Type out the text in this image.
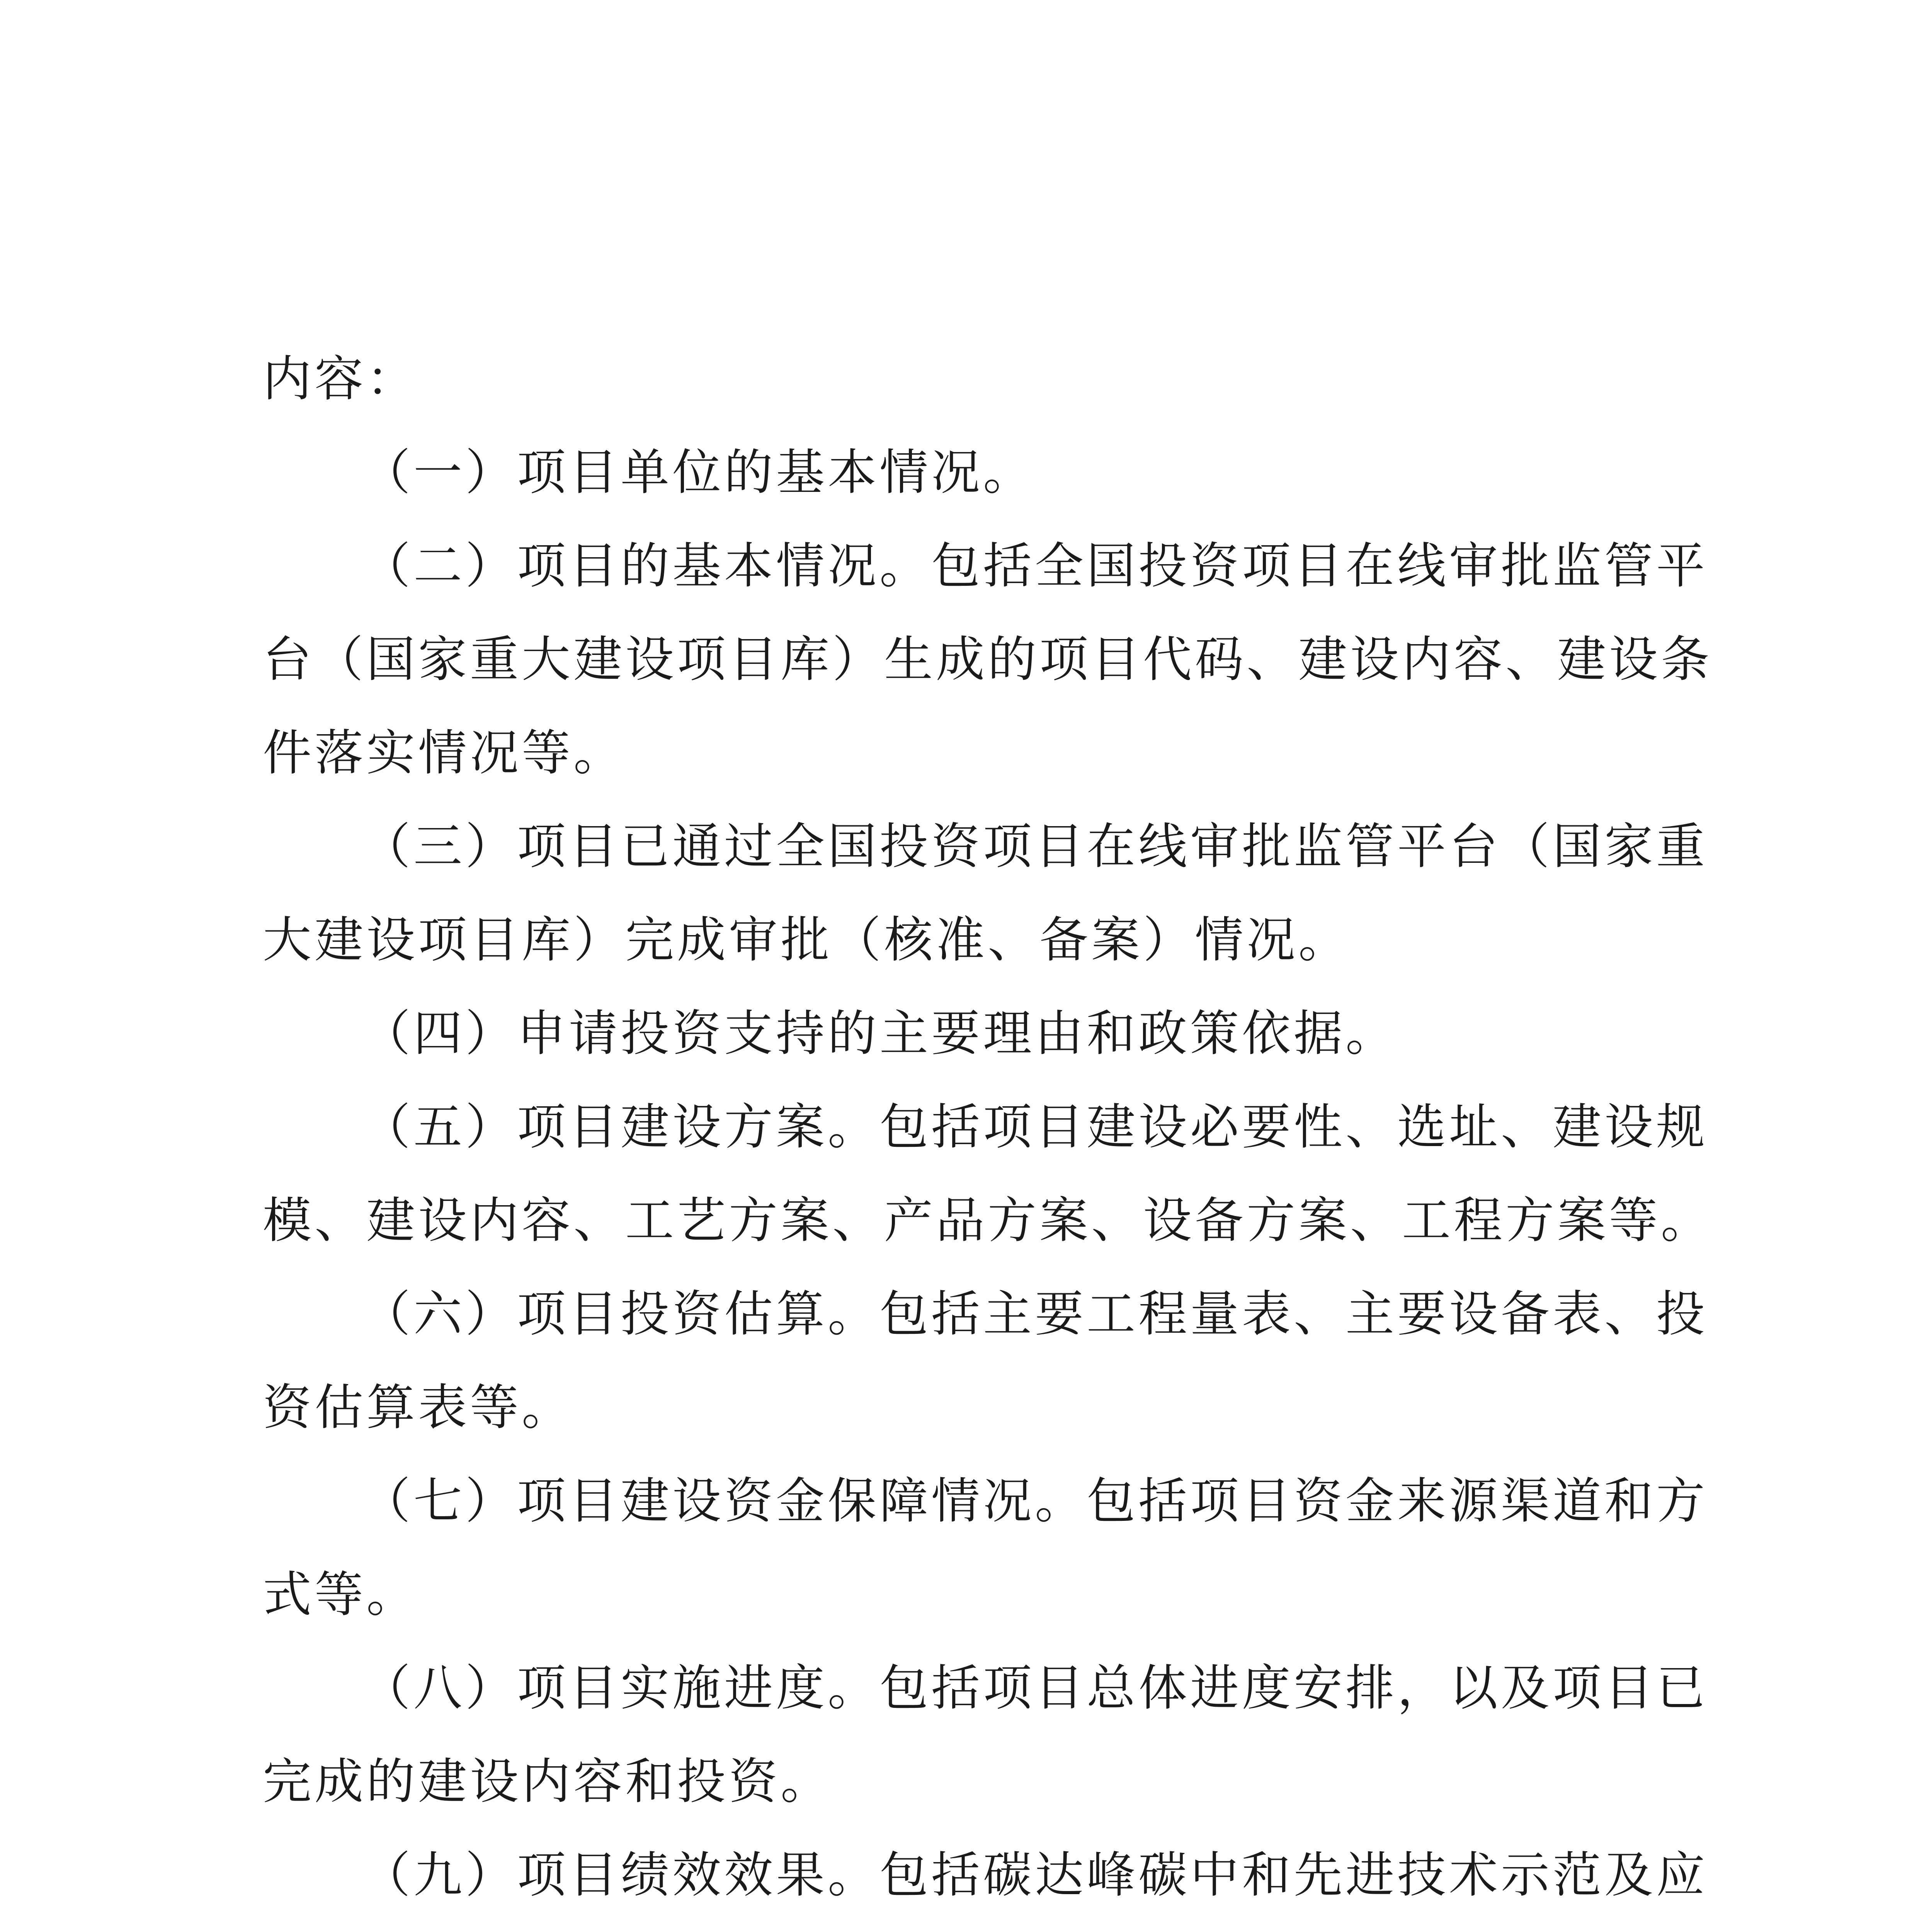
内容：
（一）项目单位的基本情况。
（二）项目的基本情况。包括全国投资项目在线审批监管平
台（国家重大建设项目库）生成的项目代码、建设内容、建设条
件落实情况等。
（三）项目已通过全国投资项目在线审批监管平台（国家重
大建设项目库）完成审批（核准、备案）情况。
（四）申请投资支持的主要理由和政策依据。
（五）项目建设方案。包括项目建设必要性、选址、建设规
模、建设内容、工艺方案、产品方案、设备方案、工程方案等。
（六）项目投资估算。包括主要工程量表、主要设备表、投
资估算表等。
（七）项目建设资金保障情况。包括项目资金来源渠道和方
式等。
（八）项目实施进度。包括项目总体进度安排，以及项目已
完成的建设内容和投资。
（九）项目绩效效果。包括碳达峰碳中和先进技术示范及应
